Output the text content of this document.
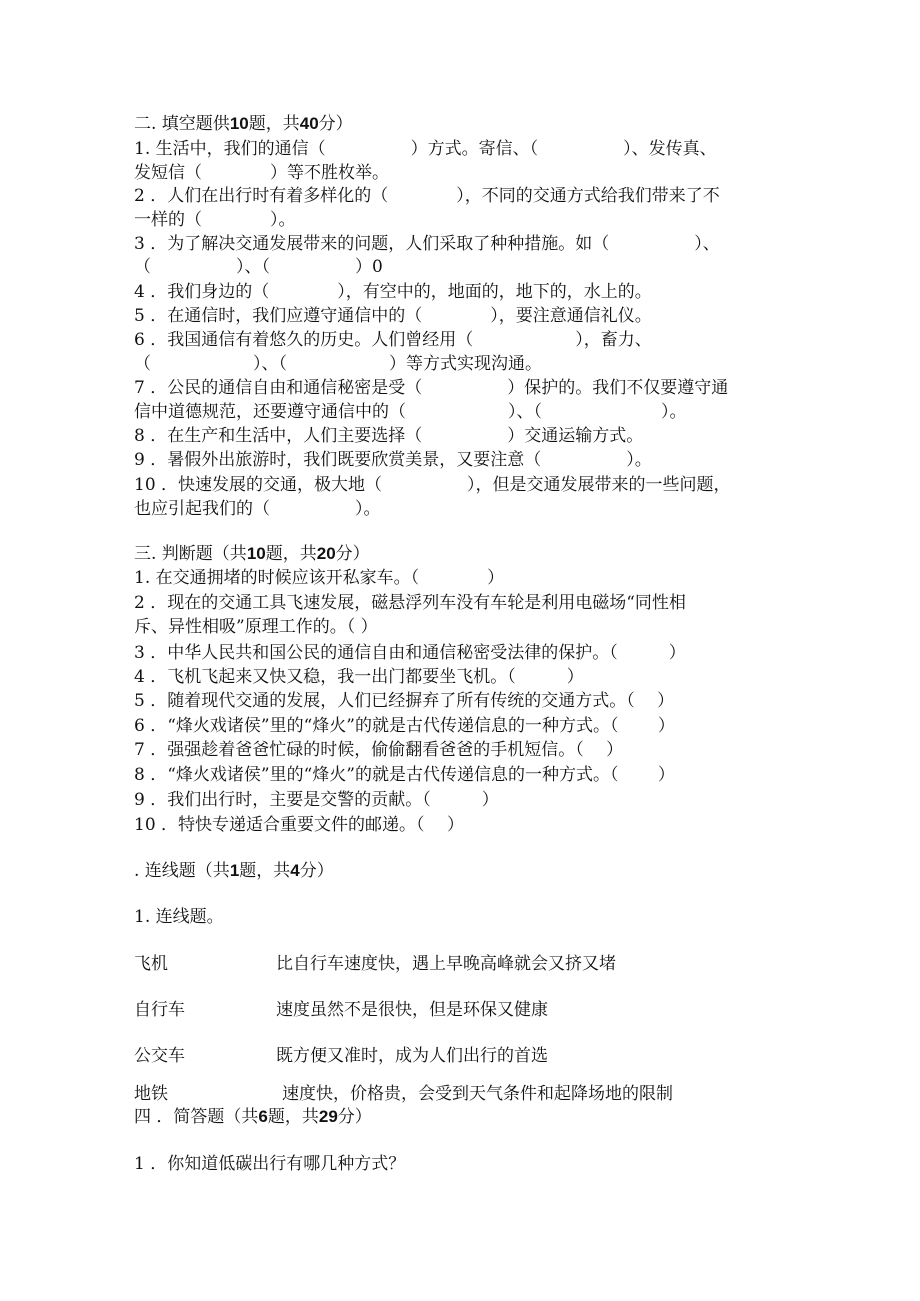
二. 填空题供10题，共40分）
1. 生活中，我们的通信（　　　　　）方式。寄信、（　　　　　）、发传真、
发短信（　　　　）等不胜枚举。
2 ．人们在出行时有着多样化的（　　　　），不同的交通方式给我们带来了不
一样的（　　　　）。
3 ．为了解决交通发展带来的问题，人们采取了种种措施。如（　　　　　）、
（　　　　　）、（　　　　　）0
4 ．我们身边的（　　　　），有空中的，地面的，地下的，水上的。
5 ．在通信时，我们应遵守通信中的（　　　　），要注意通信礼仪。
6 ．我国通信有着悠久的历史。人们曾经用（　　　　　　），畜力、
（　　　　　　）、（　　　　　　）等方式实现沟通。
7 ．公民的通信自由和通信秘密是受（　　　　　）保护的。我们不仅要遵守通
信中道德规范，还要遵守通信中的（　　　　　　）、（　　　　　　　）。
8 ．在生产和生活中，人们主要选择（　　　　　）交通运输方式。
9 ．暑假外出旅游时，我们既要欣赏美景，又要注意（　　　　　）。
10 ．快速发展的交通，极大地（　　　　　），但是交通发展带来的一些问题，
也应引起我们的（　　　　　）。
三. 判断题（共10题，共20分）
1. 在交通拥堵的时候应该开私家车。（　　　　）
2 ．现在的交通工具飞速发展，磁悬浮列车没有车轮是利用电磁场“同性相
斥、异性相吸”原理工作的。（ ）
3 ．中华人民共和国公民的通信自由和通信秘密受法律的保护。（　　　）
4 ．飞机飞起来又快又稳，我一出门都要坐飞机。（　　　）
5 ．随着现代交通的发展，人们已经摒弃了所有传统的交通方式。（　 ）
6 ．“烽火戏诸侯”里的“烽火”的就是古代传递信息的一种方式。（　　 ）
7 ．强强趁着爸爸忙碌的时候，偷偷翻看爸爸的手机短信。（　 ）
8 ．“烽火戏诸侯”里的“烽火”的就是古代传递信息的一种方式。（　　 ）
9 ．我们出行时，主要是交警的贡献。（　　　）
10 ．特快专递适合重要文件的邮递。（　 ）
. 连线题（共1题，共4分）
1. 连线题。
飞机	比自行车速度快，遇上早晚高峰就会又挤又堵
自行车	速度虽然不是很快，但是环保又健康
公交车	既方便又准时，成为人们出行的首选
地铁	速度快，价格贵，会受到天气条件和起降场地的限制
四 ．简答题（共6题，共29分）
1 ．你知道低碳出行有哪几种方式？
